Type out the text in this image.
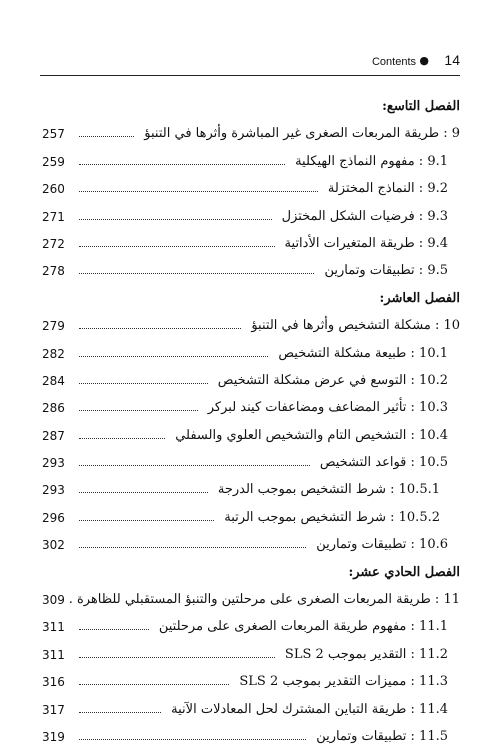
Contents ● 14
الفصل التاسع:
257	9 : طريقة المربعات الصغرى غير المباشرة وأثرها في التنبؤ
259	9.1 : مفهوم النماذج الهيكلية
260	9.2 : النماذج المختزلة
271	9.3 : فرضيات الشكل المختزل
272	9.4 : طريقة المتغيرات الأداتية
278	9.5 : تطبيقات وتمارين
الفصل العاشر:
279	10 : مشكلة التشخيص وأثرها في التنبؤ
282	10.1 : طبيعة مشكلة التشخيص
284	10.2 : التوسع في عرض مشكلة التشخيص
286	10.3 : تأثير المضاعف ومضاعفات كيند لبركر
287	10.4 : التشخيص التام والتشخيص العلوي والسفلي
293	10.5 : قواعد التشخيص
293	10.5.1 : شرط التشخيص بموجب الدرجة
296	10.5.2 : شرط التشخيص بموجب الرتبة
302	10.6 : تطبيقات وتمارين
الفصل الحادي عشر:
309 11 : طريقة المربعات الصغرى على مرحلتين والتنبؤ المستقبلي للظاهرة .
311	11.1 : مفهوم طريقة المربعات الصغرى على مرحلتين
311	11.2 : التقدير بموجب 2 SLS
316	11.3 : مميزات التقدير بموجب 2 SLS
317	11.4 : طريقة التباين المشترك لحل المعادلات الآنية
319	11.5 : تطبيقات وتمارين
